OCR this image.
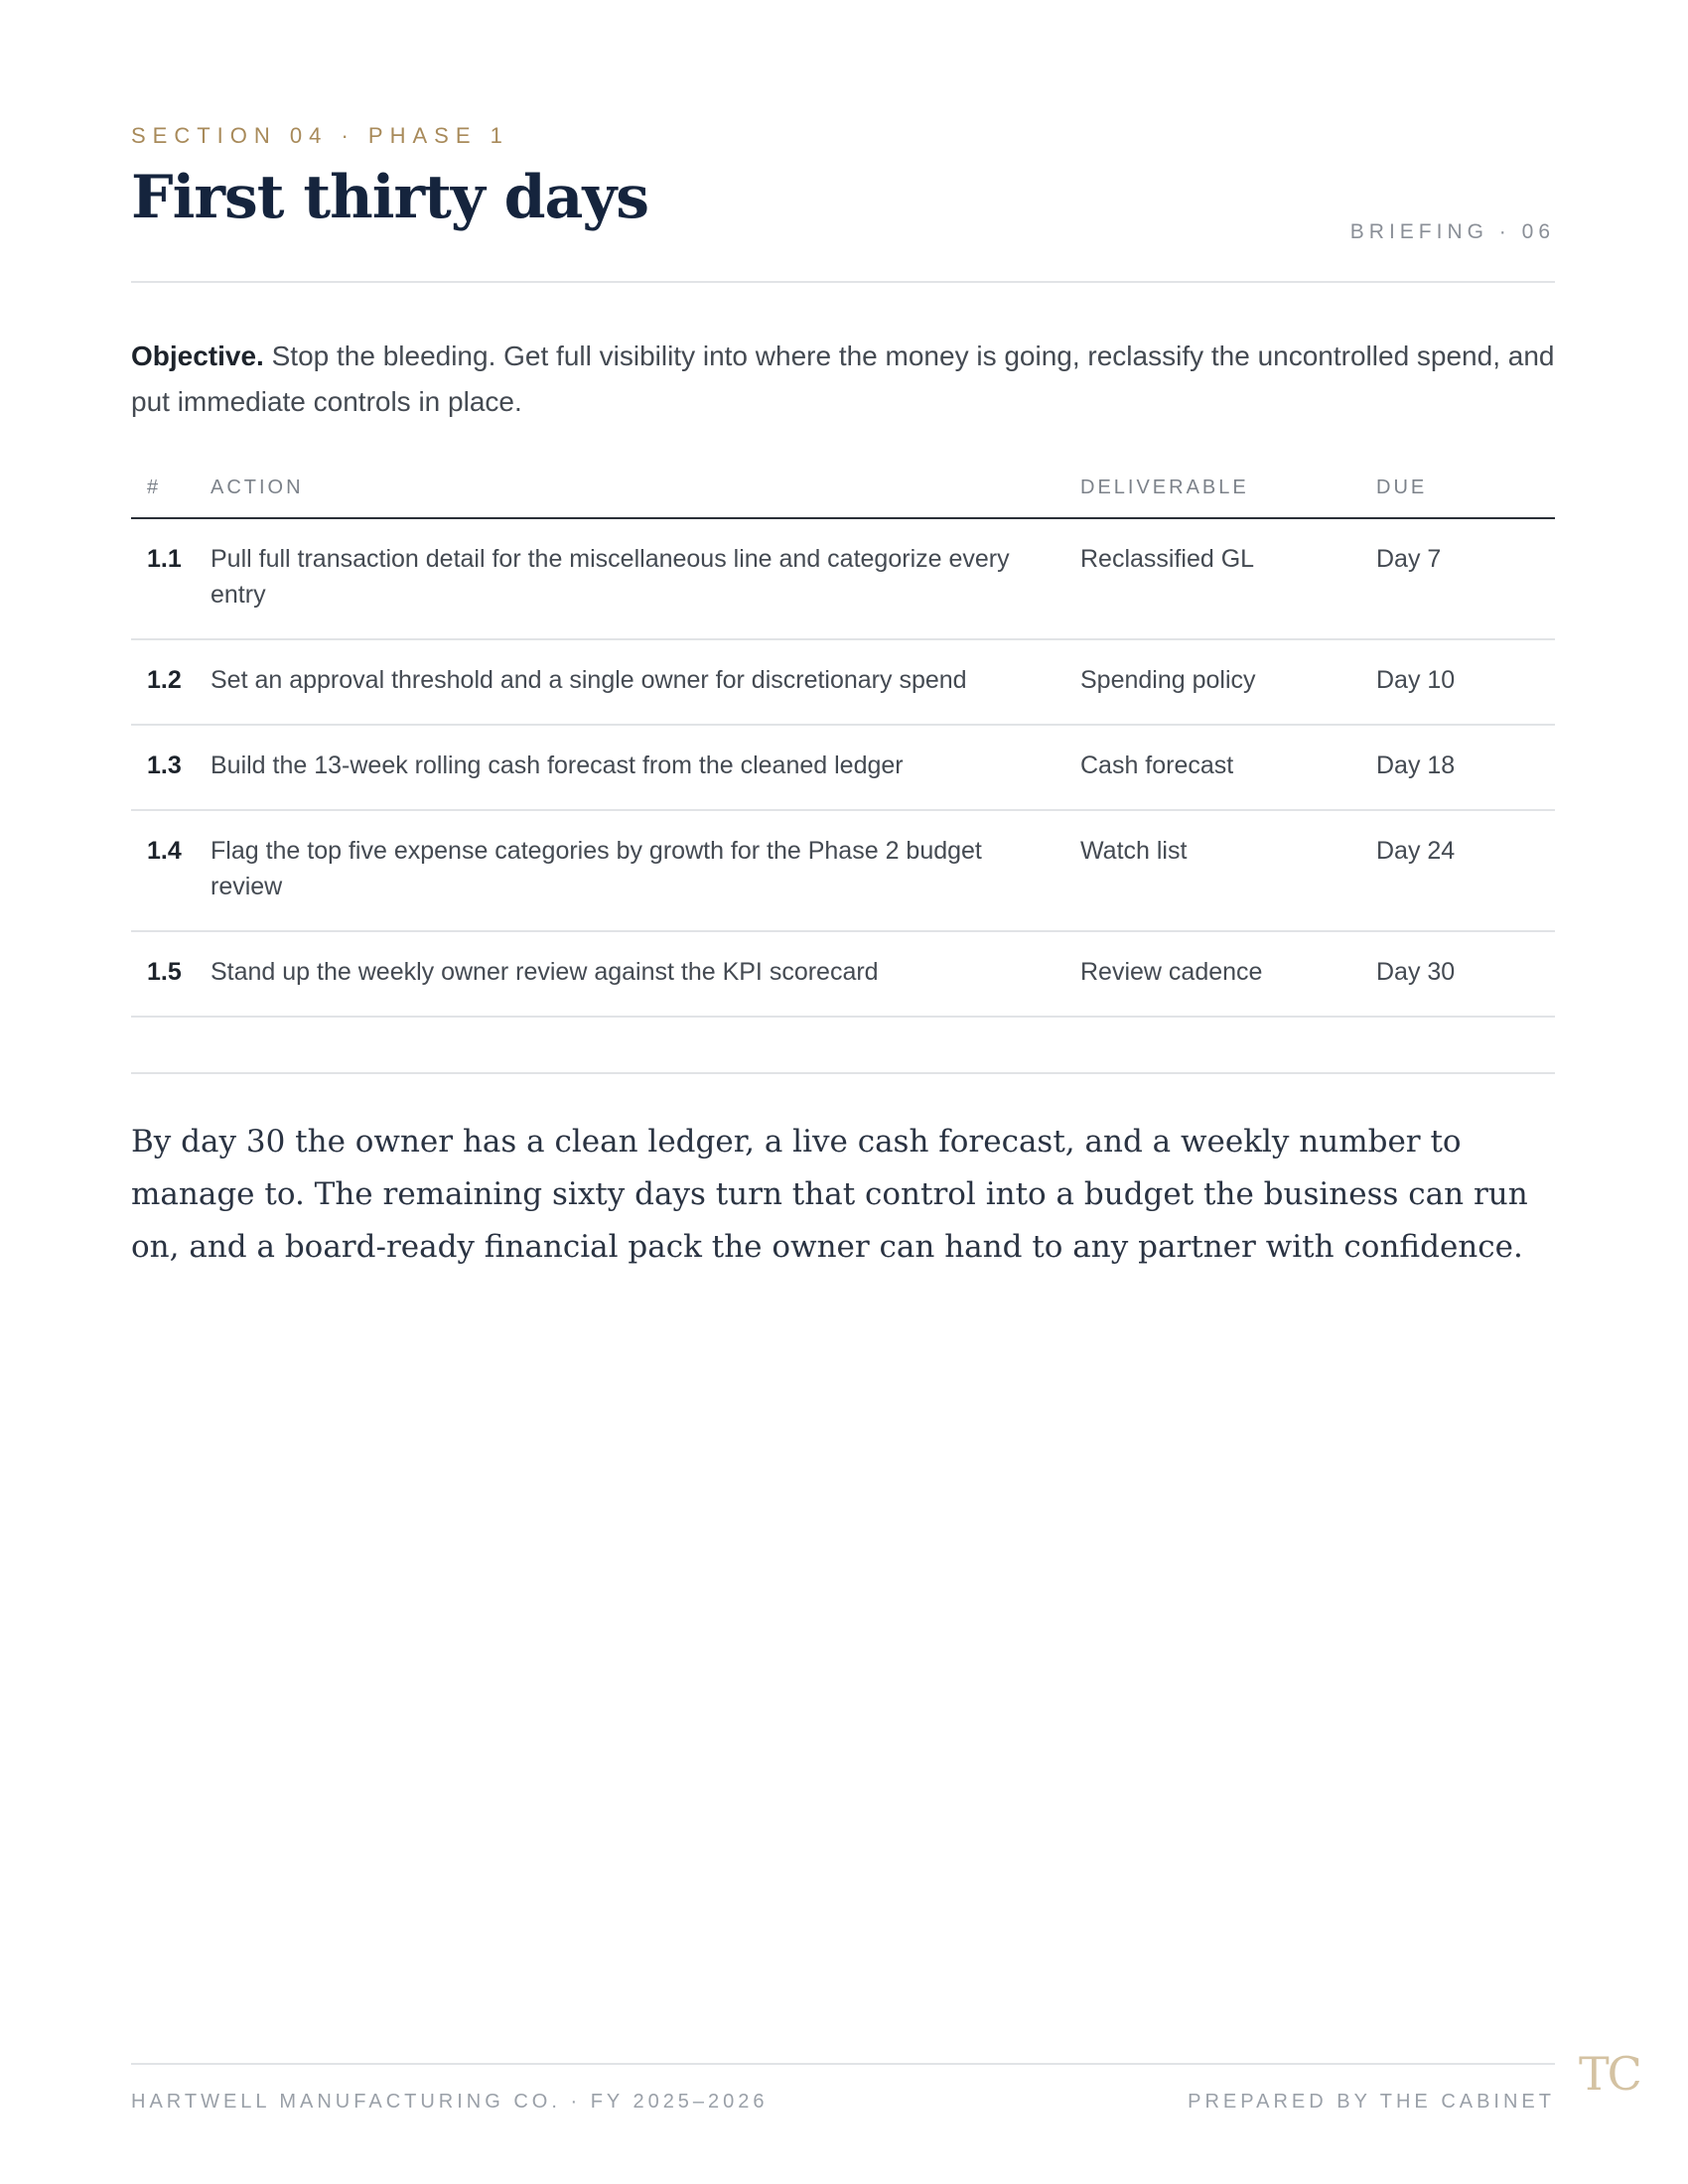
SECTION 04 · PHASE 1
First thirty days	BRIEFING · 06

Objective. Stop the bleeding. Get full visibility into where the money is going, reclassify the uncontrolled spend, and put immediate controls in place.

#	ACTION	DELIVERABLE	DUE
1.1	Pull full transaction detail for the miscellaneous line and categorize every entry	Reclassified GL	Day 7
1.2	Set an approval threshold and a single owner for discretionary spend	Spending policy	Day 10
1.3	Build the 13-week rolling cash forecast from the cleaned ledger	Cash forecast	Day 18
1.4	Flag the top five expense categories by growth for the Phase 2 budget review	Watch list	Day 24
1.5	Stand up the weekly owner review against the KPI scorecard	Review cadence	Day 30

By day 30 the owner has a clean ledger, a live cash forecast, and a weekly number to manage to. The remaining sixty days turn that control into a budget the business can run on, and a board-ready financial pack the owner can hand to any partner with confidence.

HARTWELL MANUFACTURING CO. · FY 2025–2026	PREPARED BY THE CABINET
TC
